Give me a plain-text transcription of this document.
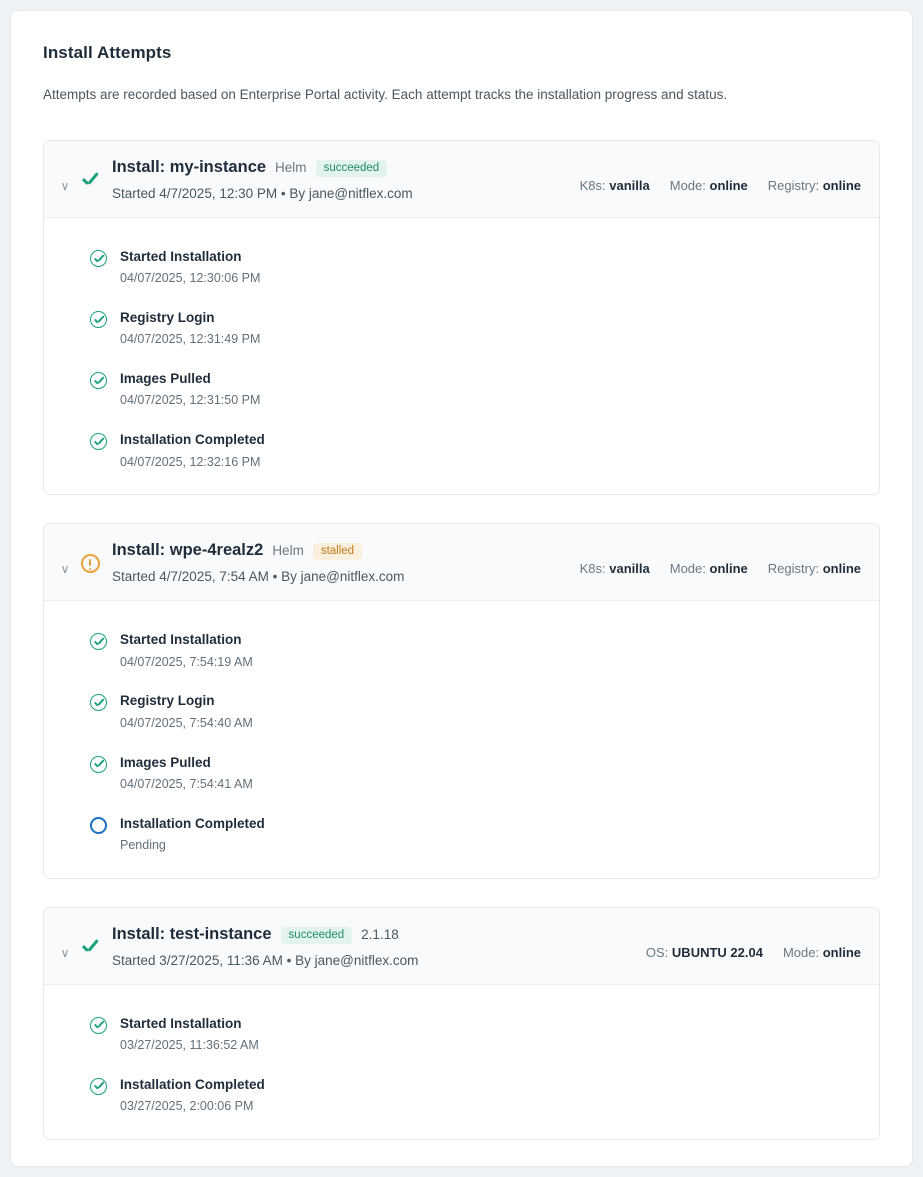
Install Attempts
Attempts are recorded based on Enterprise Portal activity. Each attempt tracks the installation progress and status.
∨
Install: my-instance Helm	succeeded
Started 4/7/2025, 12:30 PM • By jane@nitflex.com
K8s: vanilla Mode: online Registry: online
Started Installation
04/07/2025, 12:30:06 PM
Registry Login
04/07/2025, 12:31:49 PM
Images Pulled
04/07/2025, 12:31:50 PM
Installation Completed
04/07/2025, 12:32:16 PM
∨
Install: wpe-4realz2 Helm	stalled
Started 4/7/2025, 7:54 AM • By jane@nitflex.com
K8s: vanilla Mode: online Registry: online
Started Installation
04/07/2025, 7:54:19 AM
Registry Login
04/07/2025, 7:54:40 AM
Images Pulled
04/07/2025, 7:54:41 AM
Installation Completed
Pending
∨
Install: test-instance	succeeded	2.1.18
Started 3/27/2025, 11:36 AM • By jane@nitflex.com
OS: UBUNTU 22.04 Mode: online
Started Installation
03/27/2025, 11:36:52 AM
Installation Completed
03/27/2025, 2:00:06 PM
